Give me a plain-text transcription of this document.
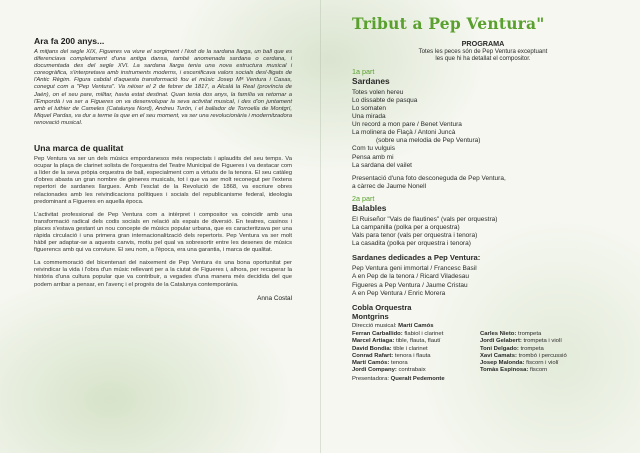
Ara fa 200 anys...

A mitjans del segle XIX, Figueres va viure el sorgiment i l'èxit de la sardana llarga, un ball que es diferenciava completament d'una antiga dansa, també anomenada sardana o cerdana, i documentada des del segle XVI. La sardana llarga tenia una nova estructura musical i coreogràfica, s'interpretava amb instruments moderns, i escenificava valors socials desl·lligats de l'Antic Règim. Figura cabdal d'aquesta transformació fou el músic Josep Mª Ventura i Casas, conegut com a "Pep Ventura". Va néixer el 2 de febrer de 1817, a Alcalá la Real (província de Jaén), on el seu pare, militar, havia estat destinat. Quan tenia dos anys, la família va retornar a l'Empordà i va ser a Figueres on va desenvolupar la seva activitat musical, i des d'on juntament amb el luthier de Cameles (Catalunya Nord), Andreu Turón, i el ballador de Torroella de Montgrí, Miquel Pardas, va dur a terme la que en el seu moment, va ser una revolucionària i modernitzadora renovació musical.

Una marca de qualitat

Pep Ventura va ser un dels músics empordanesos més respectats i aplaudits del seu temps. Va ocupar la plaça de clarinet solista de l'orquestra del Teatre Municipal de Figueres i va destacar com a líder de la seva pròpia orquestra de ball, especialment com a virtuós de la tenora. El seu catàleg d'obres abasta un gran nombre de gèneres musicals, tot i que va ser molt reconegut per l'extens repertori de sardanes llargues. Amb l'esclat de la Revolució de 1868, va escriure obres relacionades amb les reivindicacions polítiques i socials del republicanisme federal, ideologia predominant a Figueres en aquella època.

L'activitat professional de Pep Ventura com a intèrpret i compositor va coincidir amb una transformació radical dels codis socials en relació als espais de diversió. En teatres, casinos i places s'estava gestant un nou concepte de músics popular urbana, que es caracteritzava per una ràpida circulació i una primera gran internacionalització dels repertoris. Pep Ventura va ser molt hàbil per adaptar-se a aquests canvis, motiu pel qual va sobresortir entre les desenes de músics figuerencs amb qui va conviure. El seu nom, a l'època, era una garantia, i marca de qualitat.

La commemoració del bicentenari del naixement de Pep Ventura és una bona oportunitat per reivindicar la vida i l'obra d'un músic rellevant per a la ciutat de Figueres i, alhora, per recuperar la història d'una cultura popular que va contribuir, a vegades d'una manera més decidida del que podem arribar a pensar, en l'avenç i el progrés de la Catalunya contemporània.

Anna Costal
Tribut a Pep Ventura"
PROGRAMA
Totes les peces són de Pep Ventura exceptuant
les que hi ha detallat el compositor.
1a part
Sardanes
Totes volen hereu
Lo dissabte de pasqua
Lo somaten
Una mirada
Un record a mon pare / Benet Ventura
La molinera de Flaçà / Antoni Juncà
(sobre una melodia de Pep Ventura)
Com tu vulguis
Pensa amb mi
La sardana del vailet
Presentació d'una foto desconeguda de Pep Ventura,
a càrrec de Jaume Nonell
2a part
Balables
El Ruiseñor "Vals de flautines" (vals per orquestra)
La campanilla (polka per a orquestra)
Vals para tenor (vals per orquestra i tenora)
La casadita (polka per orquestra i tenora)
Sardanes dedicades a Pep Ventura:
Pep Ventura geni immortal / Francesc Basil
A en Pep de la tenora / Ricard Viladesau
Figueres a Pep Ventura / Jaume Cristau
A en Pep Ventura / Enric Morera
Cobla Orquestra
Montgrins
Direcció musical: Martí Camós
Ferran Carballido: flabiol i clarinet
Marcel Artiaga: tible, flauta, flautí
David Bondia: tible i clarinet
Conrad Rafart: tenora i flauta
Martí Camós: tenora
Jordi Company: contrabaix
Carles Nieto: trompeta
Jordi Gelabert: trompeta i violí
Toni Delgado: trompeta
Xavi Camats: trombó i percussió
Josep Malonda: fiscorn i violí
Tomàs Espinosa: fiscorn
Presentadora: Queralt Pedemonte
